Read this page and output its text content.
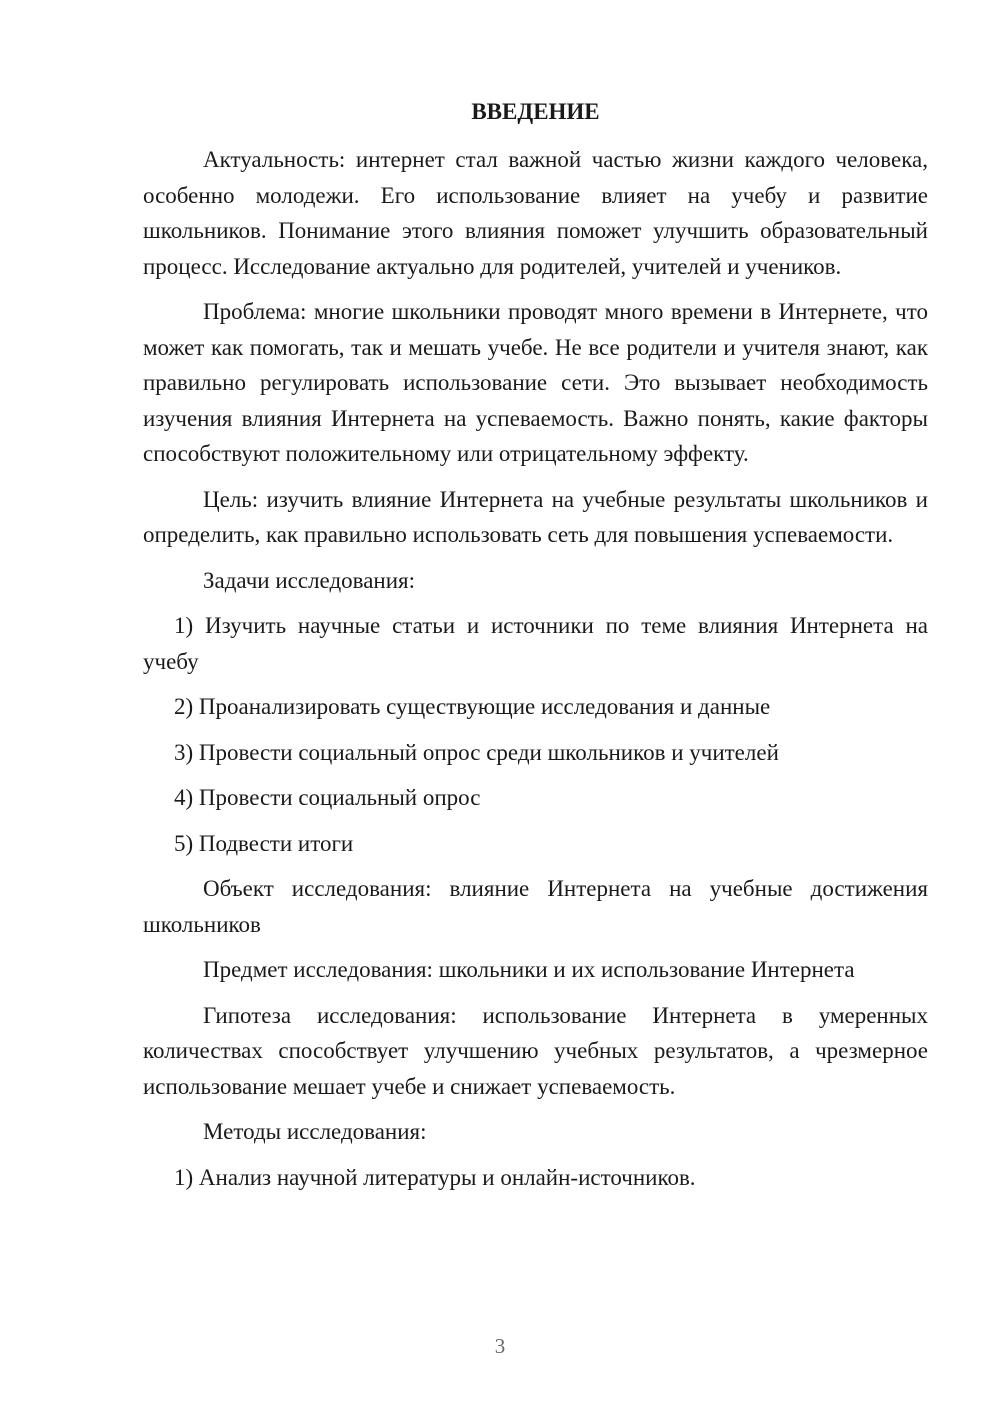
ВВЕДЕНИЕ

Актуальность: интернет стал важной частью жизни каждого человека, особенно молодежи. Его использование влияет на учебу и развитие школьников. Понимание этого влияния поможет улучшить образовательный процесс. Исследование актуально для родителей, учителей и учеников.

Проблема: многие школьники проводят много времени в Интернете, что может как помогать, так и мешать учебе. Не все родители и учителя знают, как правильно регулировать использование сети. Это вызывает необходимость изучения влияния Интернета на успеваемость. Важно понять, какие факторы способствуют положительному или отрицательному эффекту.

Цель: изучить влияние Интернета на учебные результаты школьников и определить, как правильно использовать сеть для повышения успеваемости.

Задачи исследования:

1) Изучить научные статьи и источники по теме влияния Интернета на учебу

2) Проанализировать существующие исследования и данные

3) Провести социальный опрос среди школьников и учителей

4) Провести социальный опрос

5) Подвести итоги

Объект исследования: влияние Интернета на учебные достижения школьников

Предмет исследования: школьники и их использование Интернета

Гипотеза исследования: использование Интернета в умеренных количествах способствует улучшению учебных результатов, а чрезмерное использование мешает учебе и снижает успеваемость.

Методы исследования:

1) Анализ научной литературы и онлайн-источников.

3
